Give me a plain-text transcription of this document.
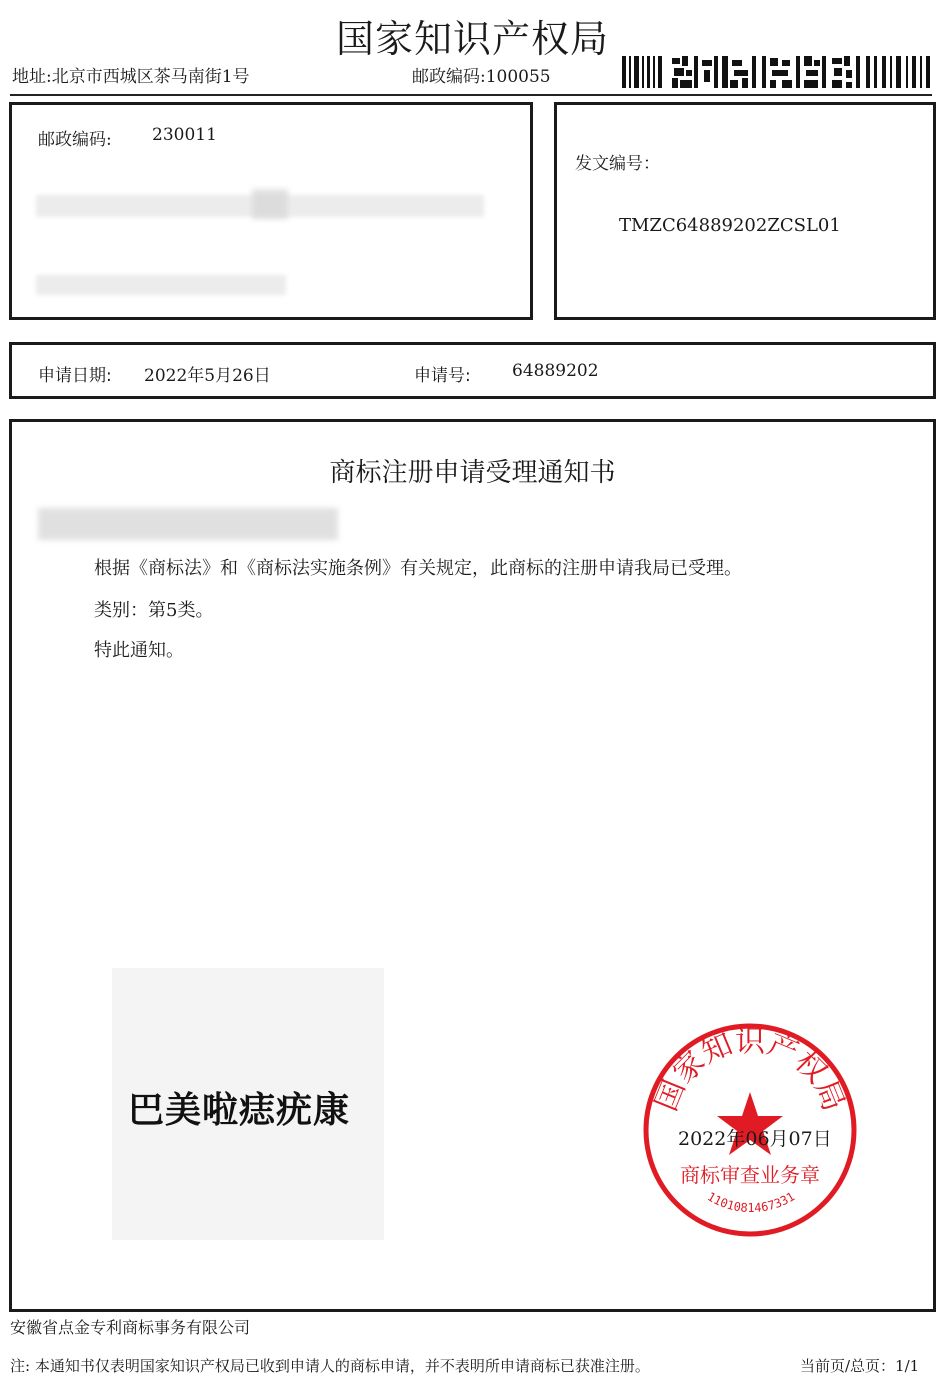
国家知识产权局
地址:北京市西城区茶马南街1号	邮政编码:100055
邮政编码: 230011
发文编号：
TMZC64889202ZCSL01
申请日期: 2022年5月26日	申请号: 64889202
商标注册申请受理通知书
根据《商标法》和《商标法实施条例》有关规定，此商标的注册申请我局已受理。
类别：第5类。
特此通知。
巴美啦痣疣康	国家知识产权局
商标审查业务章
1101081467331
2022年06月07日
安徽省点金专利商标事务有限公司
注: 本通知书仅表明国家知识产权局已收到申请人的商标申请，并不表明所申请商标已获准注册。	当前页/总页：1/1
